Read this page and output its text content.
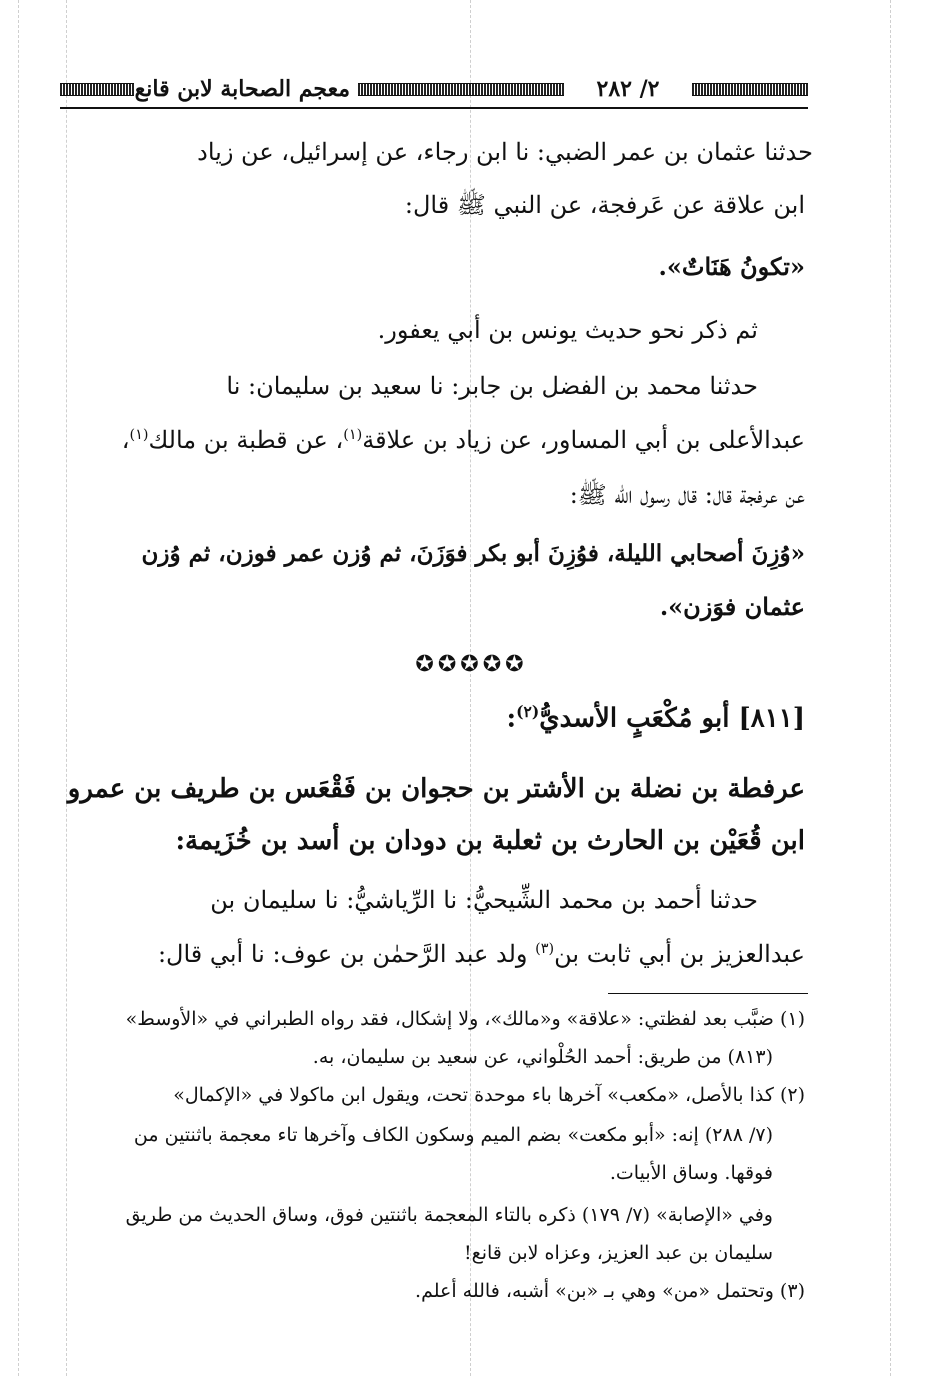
معجم الصحابة لابن قانع	٢/ ٢٨٢
حدثنا عثمان بن عمر الضبي: نا ابن رجاء، عن إسرائيل، عن زياد
ابن علاقة عن عَرفجة، عن النبي ﷺ قال:
«تكونُ هَنَاتٌ».
ثم ذكر نحو حديث يونس بن أبي يعفور.
حدثنا محمد بن الفضل بن جابر: نا سعيد بن سليمان: نا
عبدالأعلى بن أبي المساور، عن زياد بن علاقة$^{(١)}$، عن قطبة بن مالك$^{(١)}$،
عن عرفجة قال: قال رسول الله ﷺ:
«وُزِنَ أصحابي الليلة، فوُزِنَ أبو بكر فوَزَنَ، ثم وُزن عمر فوزن، ثم وُزن
عثمان فوَزن».
✪✪✪✪✪
[٨١١] أبو مُكْعَبٍ الأسديُّ$^{(٢)}$:
عرفطة بن نضلة بن الأشتر بن حجوان بن فَقْعَس بن طريف بن عمرو
ابن قُعَيْن بن الحارث بن ثعلبة بن دودان بن أسد بن خُزَيمة:
حدثنا أحمد بن محمد الشِّيحيُّ: نا الرِّياشيُّ: نا سليمان بن
عبدالعزيز بن أبي ثابت بن$^{(٣)}$ ولد عبد الرَّحمٰن بن عوف: نا أبي قال:
(١) ضبَّب بعد لفظتي: «علاقة» و«مالك»، ولا إشكال، فقد رواه الطبراني في «الأوسط»
(٨١٣) من طريق: أحمد الحُلْواني، عن سعيد بن سليمان، به.
(٢) كذا بالأصل، «مكعب» آخرها باء موحدة تحت، ويقول ابن ماكولا في «الإكمال»
(٧/ ٢٨٨) إنه: «أبو مكعت» بضم الميم وسكون الكاف وآخرها تاء معجمة باثنتين من
فوقها. وساق الأبيات.
وفي «الإصابة» (٧/ ١٧٩) ذكره بالتاء المعجمة باثنتين فوق، وساق الحديث من طريق
سليمان بن عبد العزيز، وعزاه لابن قانع!
(٣) وتحتمل «من» وهي بـ «بن» أشبه، فالله أعلم.
